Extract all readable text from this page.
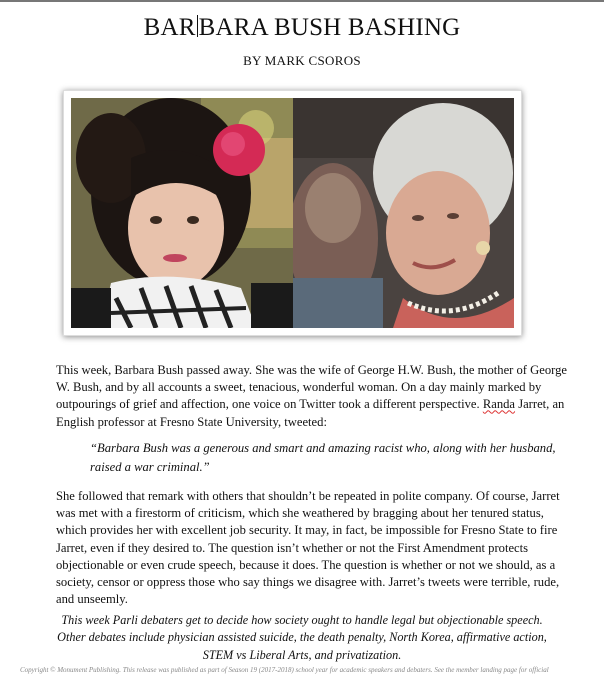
BAR BARA BUSH BASHING
BY MARK CSOROS
This week, Barbara Bush passed away. She was the wife of George H.W. Bush, the mother of George
W. Bush, and by all accounts a sweet, tenacious, wonderful woman. On a day mainly marked by
outpourings of grief and affection, one voice on Twitter took a different perspective. Randa Jarret, an
English professor at Fresno State University, tweeted:
“Barbara Bush was a generous and smart and amazing racist who, along with her husband,
raised a war criminal.”
She followed that remark with others that shouldn’t be repeated in polite company. Of course, Jarret
was met with a firestorm of criticism, which she weathered by bragging about her tenured status,
which provides her with excellent job security. It may, in fact, be impossible for Fresno State to fire
Jarret, even if they desired to. The question isn’t whether or not the First Amendment protects
objectionable or even crude speech, because it does. The question is whether or not we should, as a
society, censor or oppress those who say things we disagree with. Jarret’s tweets were terrible, rude,
and unseemly.
This week Parli debaters get to decide how society ought to handle legal but objectionable speech.
Other debates include physician assisted suicide, the death penalty, North Korea, affirmative action,
STEM vs Liberal Arts, and privatization.
Copyright © Monument Publishing. This release was published as part of Season 19 (2017-2018) school year for academic speakers and debaters. See the member landing page for official
